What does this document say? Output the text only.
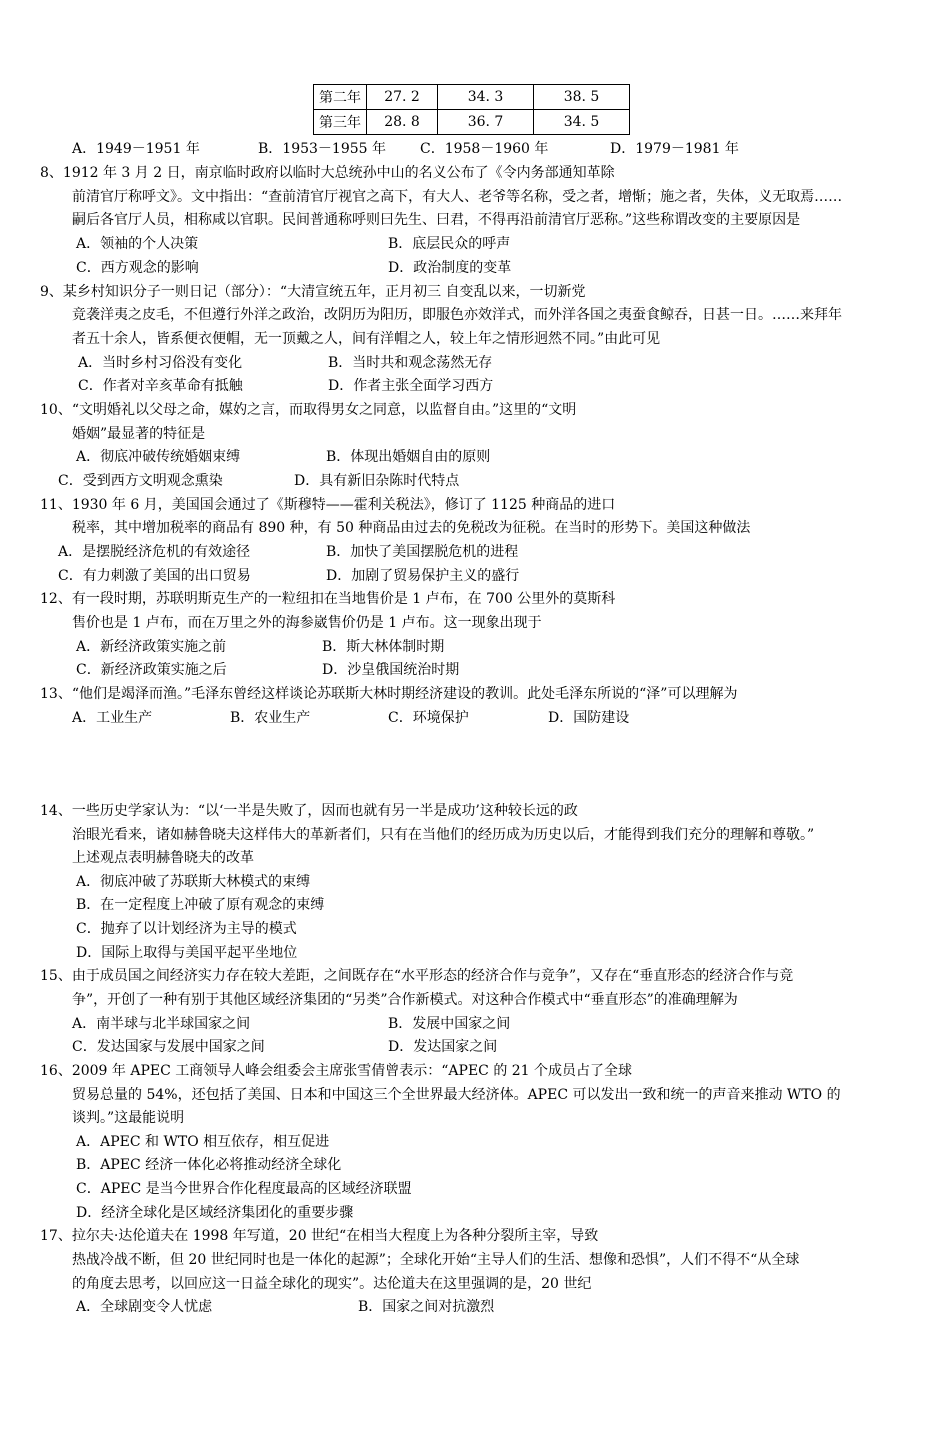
第二年	27. 2	34. 3	38. 5
第三年	28. 8	36. 7	34. 5
A．1949－1951 年	B．1953－1955 年 C．1958－1960 年	D．1979－1981 年
8、1912 年 3 月 2 日，南京临时政府以临时大总统孙中山的名义公布了《令内务部通知革除
前清官厅称呼文》。文中指出：“查前清官厅视官之高下，有大人、老爷等名称，受之者，增惭；施之者，失体，义无取焉……
嗣后各官厅人员，相称咸以官职。民间普通称呼则曰先生、曰君，不得再沿前清官厅恶称。”这些称谓改变的主要原因是
A．领袖的个人决策	B．底层民众的呼声
C．西方观念的影响	D．政治制度的变革
9、某乡村知识分子一则日记（部分）：“大清宣统五年，正月初三 自变乱以来，一切新党
竞袭洋夷之皮毛，不但遵行外洋之政治，改阴历为阳历，即服色亦效洋式，而外洋各国之夷蚕食鲸吞，日甚一日。……来拜年
者五十余人，皆系便衣便帽，无一顶戴之人，间有洋帽之人，较上年之情形迥然不同。”由此可见
A．当时乡村习俗没有变化	B．当时共和观念荡然无存
C．作者对辛亥革命有抵触	D．作者主张全面学习西方
10、“文明婚礼以父母之命，媒妁之言，而取得男女之同意，以监督自由。”这里的“文明
婚姻”最显著的特征是
A．彻底冲破传统婚姻束缚	B．体现出婚姻自由的原则
C．受到西方文明观念熏染	D．具有新旧杂陈时代特点
11、1930 年 6 月，美国国会通过了《斯穆特——霍利关税法》，修订了 1125 种商品的进口
税率，其中增加税率的商品有 890 种，有 50 种商品由过去的免税改为征税。在当时的形势下。美国这种做法
A．是摆脱经济危机的有效途径	B．加快了美国摆脱危机的进程
C．有力刺激了美国的出口贸易	D．加剧了贸易保护主义的盛行
12、有一段时期，苏联明斯克生产的一粒纽扣在当地售价是 1 卢布，在 700 公里外的莫斯科
售价也是 1 卢布，而在万里之外的海参崴售价仍是 1 卢布。这一现象出现于
A．新经济政策实施之前	B．斯大林体制时期
C．新经济政策实施之后	D．沙皇俄国统治时期
13、“他们是竭泽而渔。”毛泽东曾经这样谈论苏联斯大林时期经济建设的教训。此处毛泽东所说的“泽”可以理解为
A．工业生产	B．农业生产	C．环境保护	D．国防建设
14、一些历史学家认为：“以‘一半是失败了，因而也就有另一半是成功’这种较长远的政
治眼光看来，诸如赫鲁晓夫这样伟大的革新者们，只有在当他们的经历成为历史以后，才能得到我们充分的理解和尊敬。”
上述观点表明赫鲁晓夫的改革
A．彻底冲破了苏联斯大林模式的束缚
B．在一定程度上冲破了原有观念的束缚
C．抛弃了以计划经济为主导的模式
D．国际上取得与美国平起平坐地位
15、由于成员国之间经济实力存在较大差距，之间既存在“水平形态的经济合作与竞争”，又存在“垂直形态的经济合作与竞
争”，开创了一种有别于其他区域经济集团的“另类”合作新模式。对这种合作模式中“垂直形态”的准确理解为
A．南半球与北半球国家之间	B．发展中国家之间
C．发达国家与发展中国家之间	D．发达国家之间
16、2009 年 APEC 工商领导人峰会组委会主席张雪倩曾表示：“APEC 的 21 个成员占了全球
贸易总量的 54%，还包括了美国、日本和中国这三个全世界最大经济体。APEC 可以发出一致和统一的声音来推动 WTO 的
谈判。”这最能说明
A．APEC 和 WTO 相互依存，相互促进
B．APEC 经济一体化必将推动经济全球化
C．APEC 是当今世界合作化程度最高的区域经济联盟
D．经济全球化是区域经济集团化的重要步骤
17、拉尔夫·达伦道夫在 1998 年写道，20 世纪“在相当大程度上为各种分裂所主宰，导致
热战冷战不断，但 20 世纪同时也是一体化的起源”；全球化开始“主导人们的生活、想像和恐惧”，人们不得不“从全球
的角度去思考，以回应这一日益全球化的现实”。达伦道夫在这里强调的是，20 世纪
A．全球剧变令人忧虑	B．国家之间对抗激烈
